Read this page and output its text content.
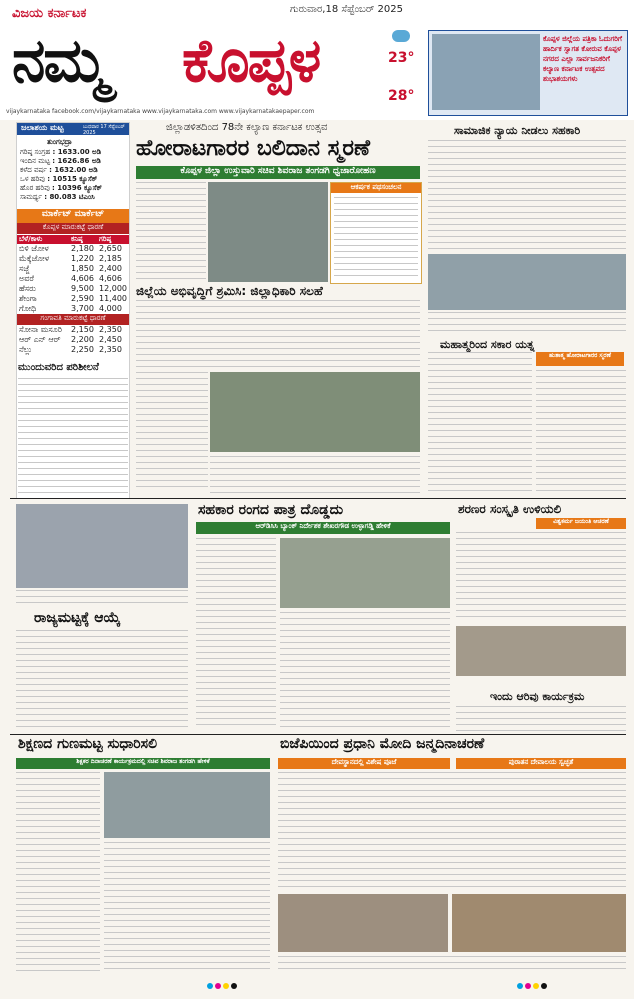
ವಿಜಯ ಕರ್ನಾಟಕ
ನಮ್ಮ ಕೊಪ್ಪಳ
ಗುರುವಾರ,18 ಸೆಪ್ಟೆಂಬರ್ 2025
23°
28°
ಕೊಪ್ಪಳ ಜಿಲ್ಲೆಯ ಪತ್ರಿಕಾ ಓದುಗರಿಗೆ ಹಾರ್ದಿಕ ಸ್ವಾಗತ ಕೋರುವ ಕೊಪ್ಪಳ ನಗರದ ಎಲ್ಲಾ ಸಾರ್ವಜನಿಕರಿಗೆ ಕಲ್ಯಾಣ ಕರ್ನಾಟಕ ಉತ್ಸವದ ಶುಭಾಶಯಗಳು
vijaykarnataka facebook.com/vijaykarnataka www.vijaykarnataka.com www.vijaykarnatakaepaper.com
ಜಲಾಶಯ ಮಟ್ಟ	ಬುಧವಾರ 17 ಸೆಪ್ಟೆಂಬರ್ 2025
ತುಂಗಭದ್ರಾ
ಗರಿಷ್ಠ ಸಂಗ್ರಹ : 1633.00 ಅಡಿ
ಇಂದಿನ ಮಟ್ಟ : 1626.86 ಅಡಿ
ಕಳೆದ ವರ್ಷ : 1632.00 ಅಡಿ
ಒಳ ಹರಿವು : 10515 ಕ್ಯೂಸೆಕ್
ಹೊರ ಹರಿವು : 10396 ಕ್ಯೂಸೆಕ್
ಸಾಮರ್ಥ್ಯ : 80.083 ಟಿಎಂಸಿ
ಮಾರ್ಕೆಟ್ ಮಾರ್ಕೆಟ್
ಕೊಪ್ಪಳ ಮಾರುಕಟ್ಟೆ ಧಾರಣೆ
ಬೆಳೆ/ಕಾಳು	ಕನಿಷ್ಠ ಗರಿಷ್ಠ
ಬಿಳಿ ಜೋಳ	2,180 2,650
ಮೆಕ್ಕೆಜೋಳ	1,220 2,185
ಸಜ್ಜೆ	1,850 2,400
ಅವರೆ	4,606 4,606
ಹೆಸರು	9,500 12,000
ಶೇಂಗಾ	2,590 11,400
ಗೋಧಿ	3,700 4,000
ಗಂಗಾವತಿ ಮಾರುಕಟ್ಟೆ ಧಾರಣೆ
ಸೋನಾ ಮಸೂರಿ 2,150 2,350
ಆರ್ ಎನ್ ಆರ್ 2,200 2,450
ನೆಲ್ಲು	2,250 2,350
ಮುಂದುವರಿದ ಪರಿಶೀಲನೆ
ಜಿಲ್ಲಾಡಳಿತದಿಂದ 78ನೇ ಕಲ್ಯಾಣ ಕರ್ನಾಟಕ ಉತ್ಸವ
ಹೋರಾಟಗಾರರ ಬಲಿದಾನ ಸ್ಮರಣೆ
ಕೊಪ್ಪಳ ಜಿಲ್ಲಾ ಉಸ್ತುವಾರಿ ಸಚಿವ ಶಿವರಾಜ ತಂಗಡಗಿ ಧ್ವಜಾರೋಹಣ
ಆಕರ್ಷಕ ಪಥಸಂಚಲನ
ಜಿಲ್ಲೆಯ ಅಭಿವೃದ್ಧಿಗೆ ಶ್ರಮಿಸಿ: ಜಿಲ್ಲಾಧಿಕಾರಿ ಸಲಹೆ
ಸಾಮಾಜಿಕ ನ್ಯಾಯ ನೀಡಲು ಸಹಕಾರಿ
ಮಹಾತ್ಮರಿಂದ ಸಕಾರ ಯತ್ನ
ಹುತಾತ್ಮ ಹೋರಾಟಗಾರರ ಸ್ಮರಣೆ
ರಾಜ್ಯಮಟ್ಟಕ್ಕೆ ಆಯ್ಕೆ
ಸಹಕಾರ ರಂಗದ ಪಾತ್ರ ದೊಡ್ಡದು
ಆರ್‌ಡಿಸಿಸಿ ಬ್ಯಾಂಕ್ ನಿರ್ದೇಶಕ ಶೇಖರಗೌಡ ಉಳ್ಳಾಗಡ್ಡಿ ಹೇಳಿಕೆ
ಶರಣರ ಸಂಸ್ಕೃತಿ ಉಳಿಯಲಿ
ವಿಶ್ವಕರ್ಮ ಜಯಂತಿ ಆಚರಣೆ
ಇಂದು ಆರಿವು ಕಾರ್ಯಕ್ರಮ
ಶಿಕ್ಷಣದ ಗುಣಮಟ್ಟ ಸುಧಾರಿಸಲಿ
ಶಿಕ್ಷಕರ ದಿನಾಚರಣೆ ಕಾರ್ಯಕ್ರಮದಲ್ಲಿ ಸಚಿವ ಶಿವರಾಜ ತಂಗಡಗಿ ಹೇಳಿಕೆ
ಬಿಜೆಪಿಯಿಂದ ಪ್ರಧಾನಿ ಮೋದಿ ಜನ್ಮದಿನಾಚರಣೆ
ದೇವಸ್ಥಾನದಲ್ಲಿ ವಿಶೇಷ ಪೂಜೆ	ಪುರಾತನ ದೇವಾಲಯ ಸ್ವಚ್ಛತೆ
